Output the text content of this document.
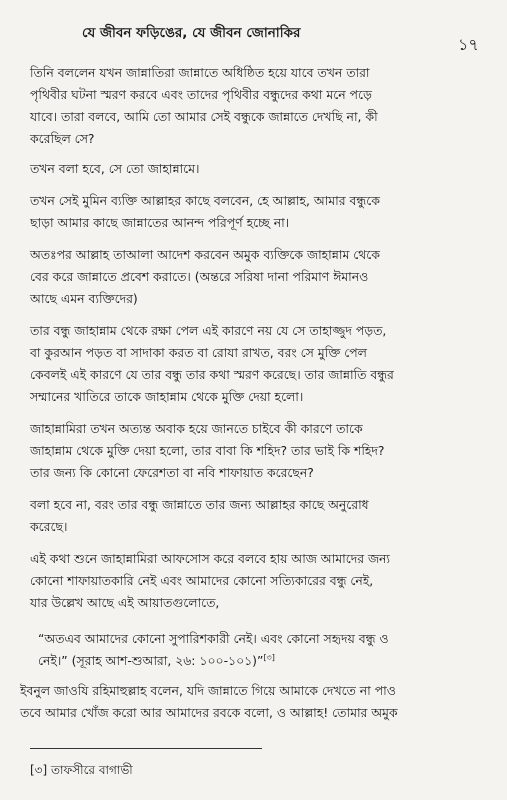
যে জীবন ফড়িঙের, যে জীবন জোনাকির
১৭
তিনি বললেন যখন জান্নাতিরা জান্নাতে অধিষ্ঠিত হয়ে যাবে তখন তারা
পৃথিবীর ঘটনা স্মরণ করবে এবং তাদের পৃথিবীর বন্ধুদের কথা মনে পড়ে
যাবে। তারা বলবে, আমি তো আমার সেই বন্ধুকে জান্নাতে দেখছি না, কী
করেছিল সে?
তখন বলা হবে, সে তো জাহান্নামে।
তখন সেই মুমিন ব্যক্তি আল্লাহর কাছে বলবেন, হে আল্লাহ, আমার বন্ধুকে
ছাড়া আমার কাছে জান্নাতের আনন্দ পরিপূর্ণ হচ্ছে না।
অতঃপর আল্লাহ তাআলা আদেশ করবেন অমুক ব্যক্তিকে জাহান্নাম থেকে
বের করে জান্নাতে প্রবেশ করাতে। (অন্তরে সরিষা দানা পরিমাণ ঈমানও
আছে এমন ব্যক্তিদের)
তার বন্ধু জাহান্নাম থেকে রক্ষা পেল এই কারণে নয় যে সে তাহাজ্জুদ পড়ত,
বা কুরআন পড়ত বা সাদাকা করত বা রোযা রাখত, বরং সে মুক্তি পেল
কেবলই এই কারণে যে তার বন্ধু তার কথা স্মরণ করেছে। তার জান্নাতি বন্ধুর
সম্মানের খাতিরে তাকে জাহান্নাম থেকে মুক্তি দেয়া হলো।
জাহান্নামিরা তখন অত্যন্ত অবাক হয়ে জানতে চাইবে কী কারণে তাকে
জাহান্নাম থেকে মুক্তি দেয়া হলো, তার বাবা কি শহিদ? তার ভাই কি শহিদ?
তার জন্য কি কোনো ফেরেশতা বা নবি শাফায়াত করেছেন?
বলা হবে না, বরং তার বন্ধু জান্নাতে তার জন্য আল্লাহর কাছে অনুরোধ
করেছে।
এই কথা শুনে জাহান্নামিরা আফসোস করে বলবে হায় আজ আমাদের জন্য
কোনো শাফায়াতকারি নেই এবং আমাদের কোনো সত্যিকারের বন্ধু নেই,
যার উল্লেখ আছে এই আয়াতগুলোতে,
“অতএব আমাদের কোনো সুপারিশকারী নেই। এবং কোনো সহৃদয় বন্ধু ও
নেই।” (সূরাহ আশ-শুআরা, ২৬: ১০০-১০১)”[৩]
ইবনুল জাওযি রহিমাহুল্লাহ বলেন, যদি জান্নাতে গিয়ে আমাকে দেখতে না পাও
তবে আমার খোঁজ করো আর আমাদের রবকে বলো, ও আল্লাহ! তোমার অমুক
[৩] তাফসীরে বাগাভী
